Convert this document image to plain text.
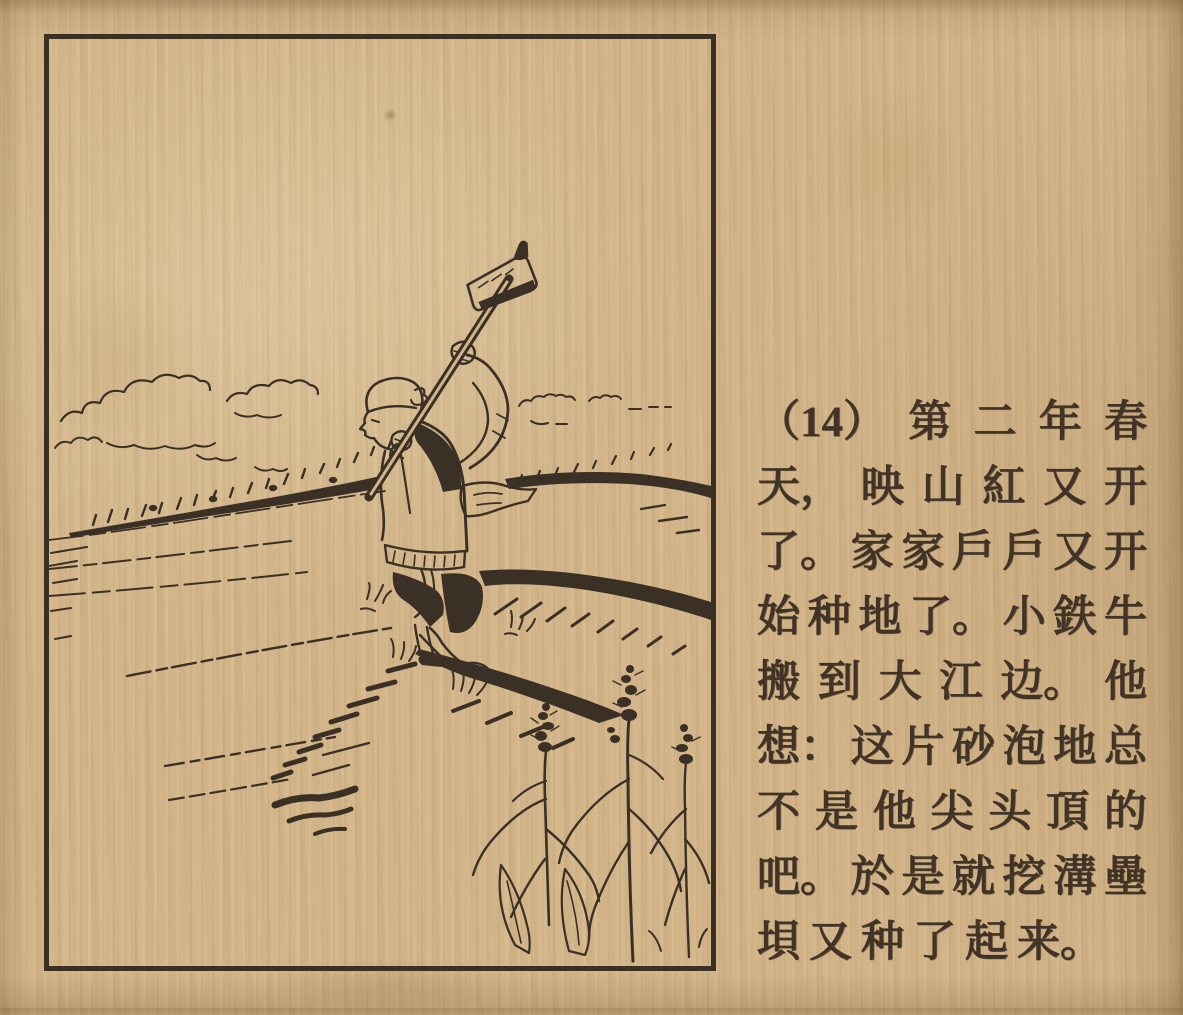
（14） 第 二 年 春
天， 映 山 紅 又 开
了。 家 家 戶 戶 又 开
始 种 地 了。 小 鉄 牛
搬 到 大 江 边。 他
想： 这 片 砂 泡 地 总
不 是 他 尖 头 頂 的
吧。 於 是 就 挖 溝 壘
垻 又 种 了 起 来。
